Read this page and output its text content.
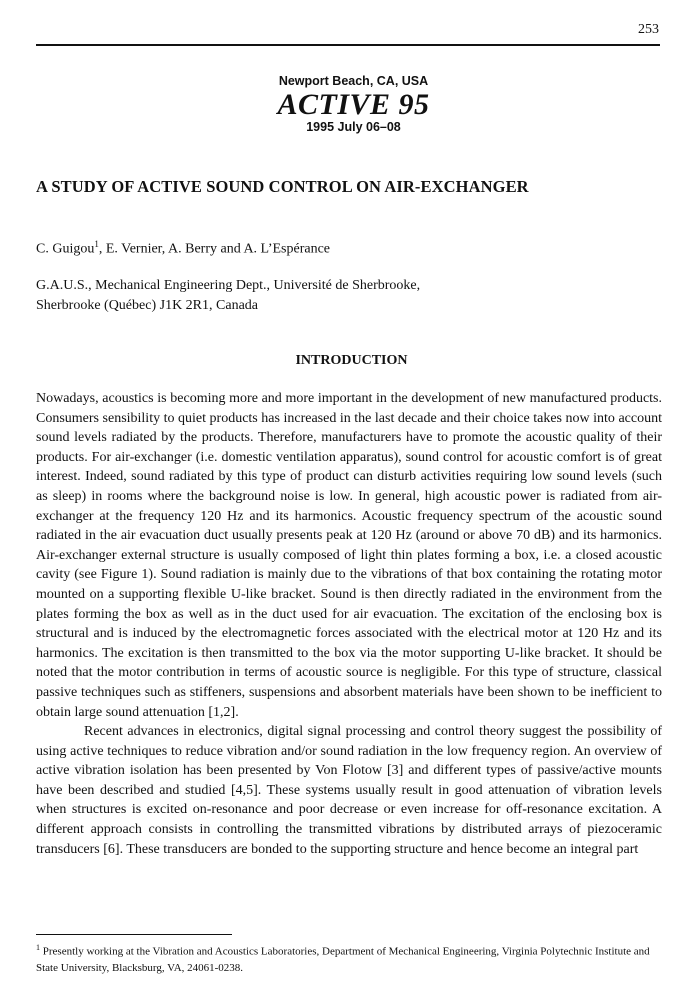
253
Newport Beach, CA, USA
ACTIVE 95
1995 July 06–08
A STUDY OF ACTIVE SOUND CONTROL ON AIR-EXCHANGER

C. Guigou$^1$, E. Vernier, A. Berry and A. L’Espérance

G.A.U.S., Mechanical Engineering Dept., Université de Sherbrooke,
Sherbrooke (Québec) J1K 2R1, Canada

INTRODUCTION

Nowadays, acoustics is becoming more and more important in the development of new manufactured products. Consumers sensibility to quiet products has increased in the last decade and their choice takes now into account sound levels radiated by the products. Therefore, manufacturers have to promote the acoustic quality of their products. For air-exchanger (i.e. domestic ventilation apparatus), sound control for acoustic comfort is of great interest. Indeed, sound radiated by this type of product can disturb activities requiring low sound levels (such as sleep) in rooms where the background noise is low. In general, high acoustic power is radiated from air-exchanger at the frequency 120 Hz and its harmonics. Acoustic frequency spectrum of the acoustic sound radiated in the air evacuation duct usually presents peak at 120 Hz (around or above 70 dB) and its harmonics. Air-exchanger external structure is usually composed of light thin plates forming a box, i.e. a closed acoustic cavity (see Figure 1). Sound radiation is mainly due to the vibrations of that box containing the rotating motor mounted on a supporting flexible U-like bracket. Sound is then directly radiated in the environment from the plates forming the box as well as in the duct used for air evacuation. The excitation of the enclosing box is structural and is induced by the electromagnetic forces associated with the electrical motor at 120 Hz and its harmonics. The excitation is then transmitted to the box via the motor supporting U-like bracket. It should be noted that the motor contribution in terms of acoustic source is negligible. For this type of structure, classical passive techniques such as stiffeners, suspensions and absorbent materials have been shown to be inefficient to obtain large sound attenuation [1,2].

Recent advances in electronics, digital signal processing and control theory suggest the possibility of using active techniques to reduce vibration and/or sound radiation in the low frequency region. An overview of active vibration isolation has been presented by Von Flotow [3] and different types of passive/active mounts have been described and studied [4,5]. These systems usually result in good attenuation of vibration levels when structures is excited on-resonance and poor decrease or even increase for off-resonance excitation. A different approach consists in controlling the transmitted vibrations by distributed arrays of piezoceramic transducers [6]. These transducers are bonded to the supporting structure and hence become an integral part

$^1$ Presently working at the Vibration and Acoustics Laboratories, Department of Mechanical Engineering, Virginia Polytechnic Institute and State University, Blacksburg, VA, 24061-0238.
